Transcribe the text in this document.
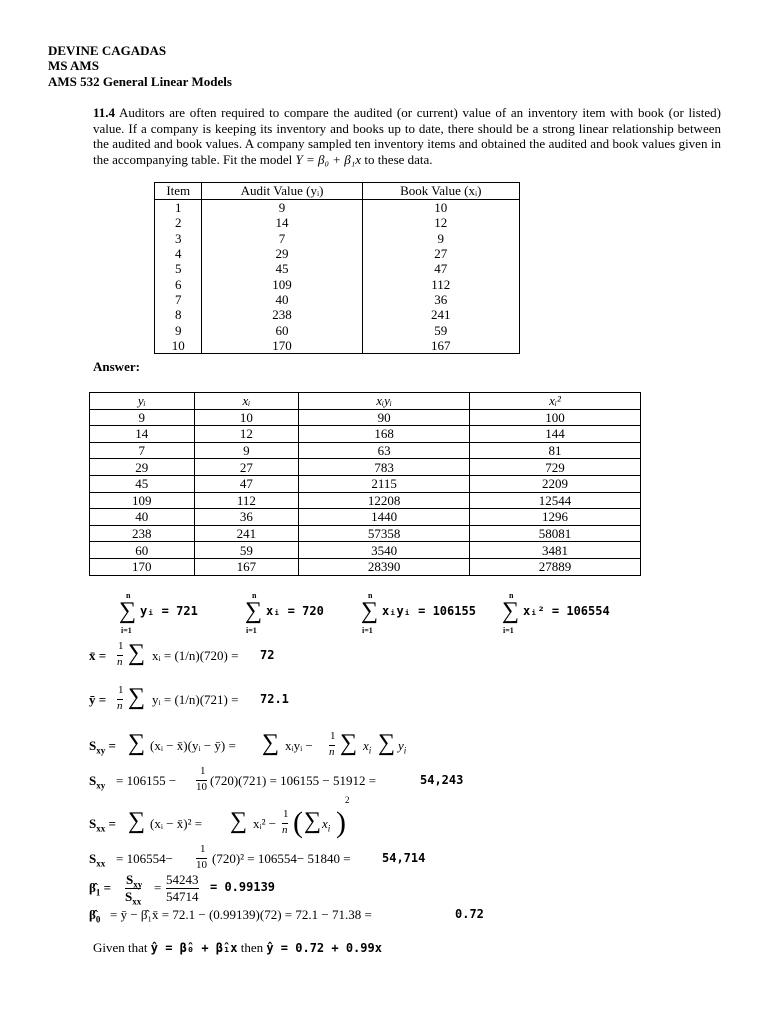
DEVINE CAGADAS
MS AMS
AMS 532 General Linear Models
11.4 Auditors are often required to compare the audited (or current) value of an inventory item with book (or listed) value. If a company is keeping its inventory and books up to date, there should be a strong linear relationship between the audited and book values. A company sampled ten inventory items and obtained the audited and book values given in the accompanying table. Fit the model Y = β₀ + β₁x to these data.
Item	Audit Value (yᵢ)	Book Value (xᵢ)
1	9	10
2	14	12
3	7	9
4	29	27
5	45	47
6	109	112
7	40	36
8	238	241
9	60	59
10	170	167
Answer:
yᵢ	xᵢ	xᵢyᵢ	xᵢ²
9	10	90	100
14	12	168	144
7	9	63	81
29	27	783	729
45	47	2115	2209
109	112	12208	12544
40	36	1440	1296
238	241	57358	58081
60	59	3540	3481
170	167	28390	27889
n
∑
i=1
yᵢ = 721
n
∑
i=1
xᵢ = 720
n
∑
i=1
xᵢyᵢ = 106155
n
∑
i=1
xᵢ² = 106554
x̄ =
1
n ∑ xᵢ = (1/n)(720) = 72
ȳ =
1
n ∑ yᵢ = (1/n)(721) = 72.1
$S_{xy}$ = ∑ (xᵢ − x̄)(yᵢ − ȳ) = ∑ xᵢyᵢ −
1
n ∑ $x_i$ ∑ $y_i$
$S_{xy} = 106155$ −
1
10 (720)(721) = 106155 − 51912 =	54,243
$S_{xx}$ = ∑ (xᵢ − x̄)² = ∑ xᵢ² −
1
n ( ∑ $x_i$ )
2
$S_{xx} = 106554-$
1
10 (720)² = 106554− 51840 =	54,714
$\betâ_1$ =
$S_{xy}$
$S_{xx}$
=
54243
54714
= 0.99139
$\betâ_0$ = ȳ − β̂₁x̄ = 72.1 − (0.99139)(72) = 72.1 − 71.38 =	0.72
Given that ŷ = β̂₀ + β̂₁x then ŷ = 0.72 + 0.99x
